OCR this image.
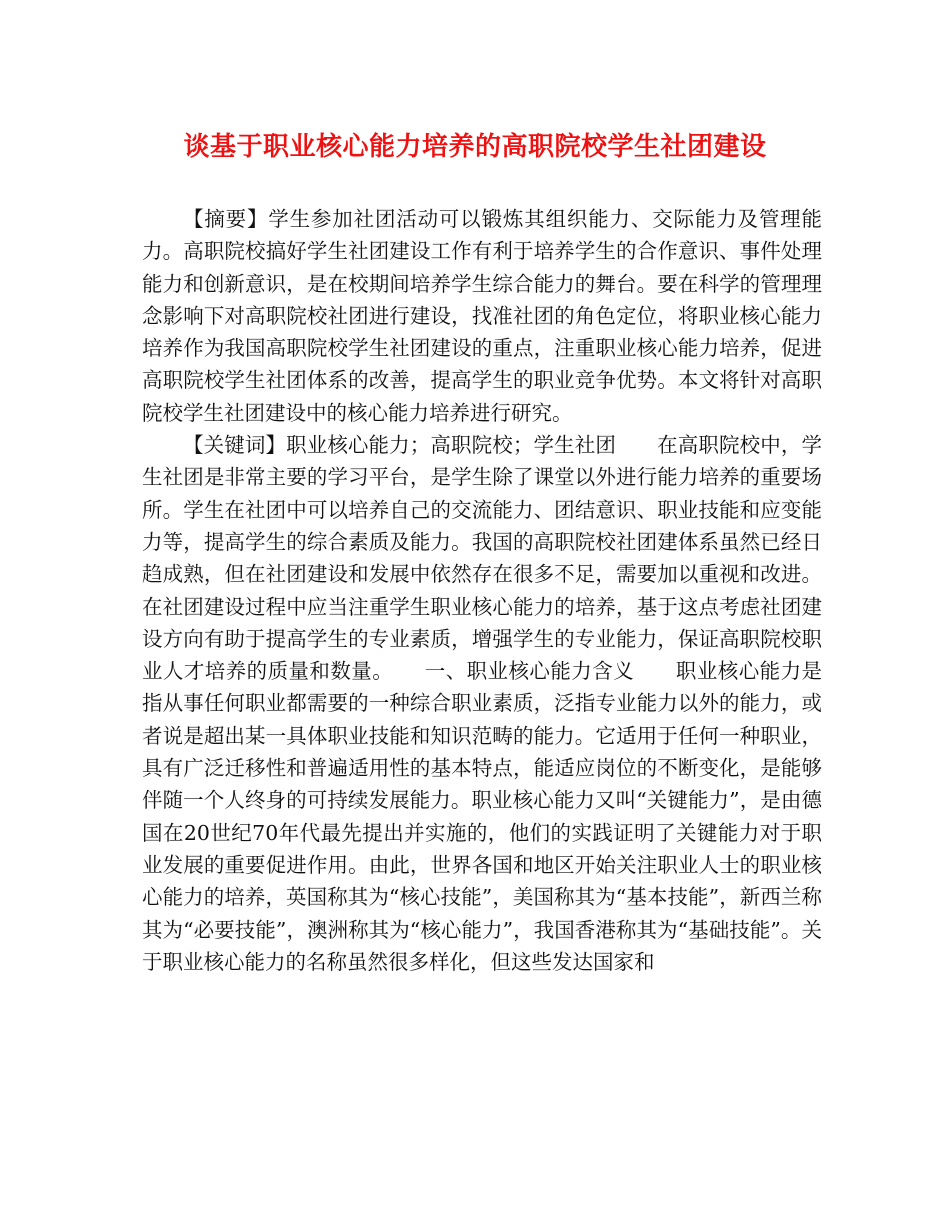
谈基于职业核心能力培养的高职院校学生社团建设

【摘要】学生参加社团活动可以锻炼其组织能力、交际能力及管理能力。高职院校搞好学生社团建设工作有利于培养学生的合作意识、事件处理能力和创新意识，是在校期间培养学生综合能力的舞台。要在科学的管理理念影响下对高职院校社团进行建设，找准社团的角色定位，将职业核心能力培养作为我国高职院校学生社团建设的重点，注重职业核心能力培养，促进高职院校学生社团体系的改善，提高学生的职业竞争优势。本文将针对高职院校学生社团建设中的核心能力培养进行研究。

【关键词】职业核心能力；高职院校；学生社团　　在高职院校中，学生社团是非常主要的学习平台，是学生除了课堂以外进行能力培养的重要场所。学生在社团中可以培养自己的交流能力、团结意识、职业技能和应变能力等，提高学生的综合素质及能力。我国的高职院校社团建体系虽然已经日趋成熟，但在社团建设和发展中依然存在很多不足，需要加以重视和改进。在社团建设过程中应当注重学生职业核心能力的培养，基于这点考虑社团建设方向有助于提高学生的专业素质，增强学生的专业能力，保证高职院校职业人才培养的质量和数量。　　一、职业核心能力含义　　职业核心能力是指从事任何职业都需要的一种综合职业素质，泛指专业能力以外的能力，或者说是超出某一具体职业技能和知识范畴的能力。它适用于任何一种职业，具有广泛迁移性和普遍适用性的基本特点，能适应岗位的不断变化，是能够伴随一个人终身的可持续发展能力。职业核心能力又叫“关键能力”，是由德国在20世纪70年代最先提出并实施的，他们的实践证明了关键能力对于职业发展的重要促进作用。由此，世界各国和地区开始关注职业人士的职业核心能力的培养，英国称其为“核心技能”，美国称其为“基本技能”，新西兰称其为“必要技能”，澳洲称其为“核心能力”，我国香港称其为“基础技能”。关于职业核心能力的名称虽然很多样化，但这些发达国家和
